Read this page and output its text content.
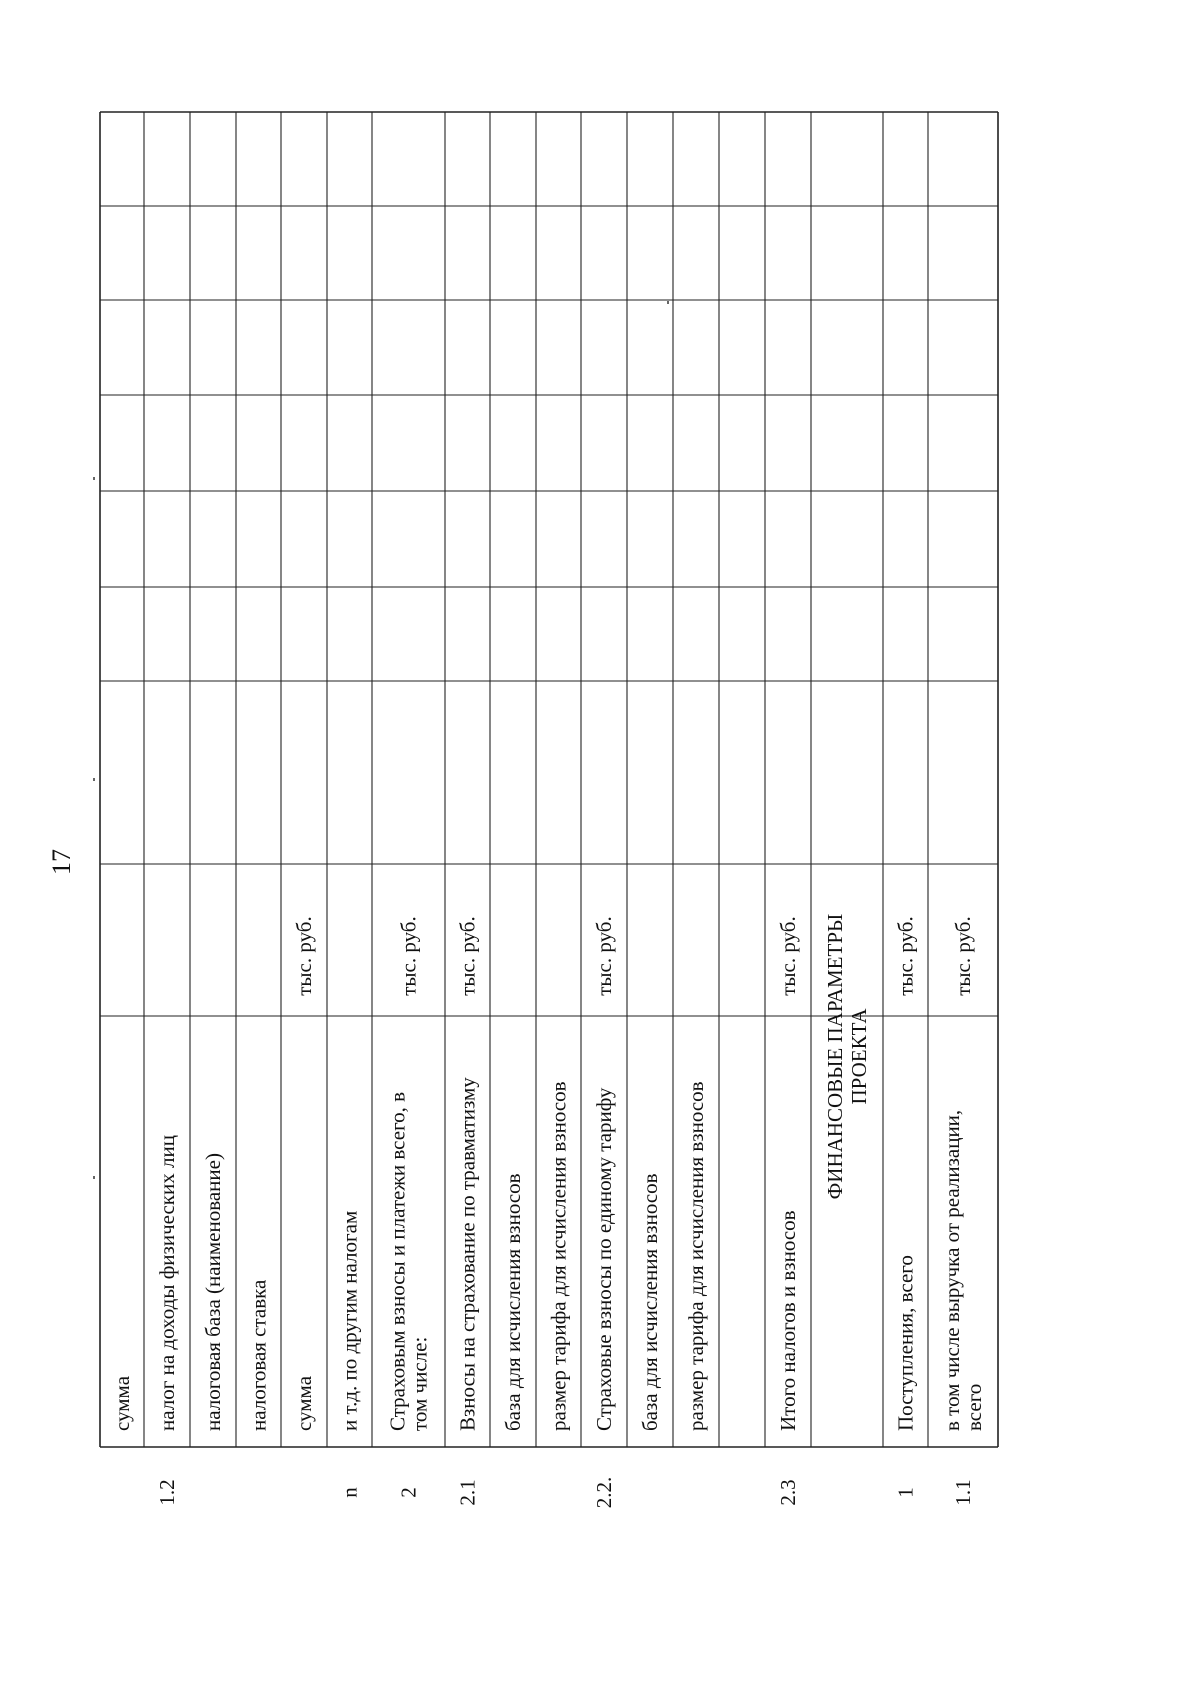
17
сумма
1.2
налог на доходы физических лиц налоговая база (наименование) налоговая ставка
тыс. руб.
сумма
n
и т.д. по другим налогам
2
тыс. руб.
Страховым взносы и платежи всего, втом числе:
2.1
тыс. руб.
Взносы на страхование по травматизму база для исчисления взносов размер тарифа для исчисления взносов
2.2.
тыс. руб.
Страховые взносы по единому тарифу база для исчисления взносов размер тарифа для исчисления взносов
2.3
тыс. руб.
Итого налогов и взносов
ФИНАНСОВЫЕ ПАРАМЕТРЫПРОЕКТА
1
тыс. руб.
Поступления, всего
1.1
тыс. руб.
в том числе выручка от реализации,всего
